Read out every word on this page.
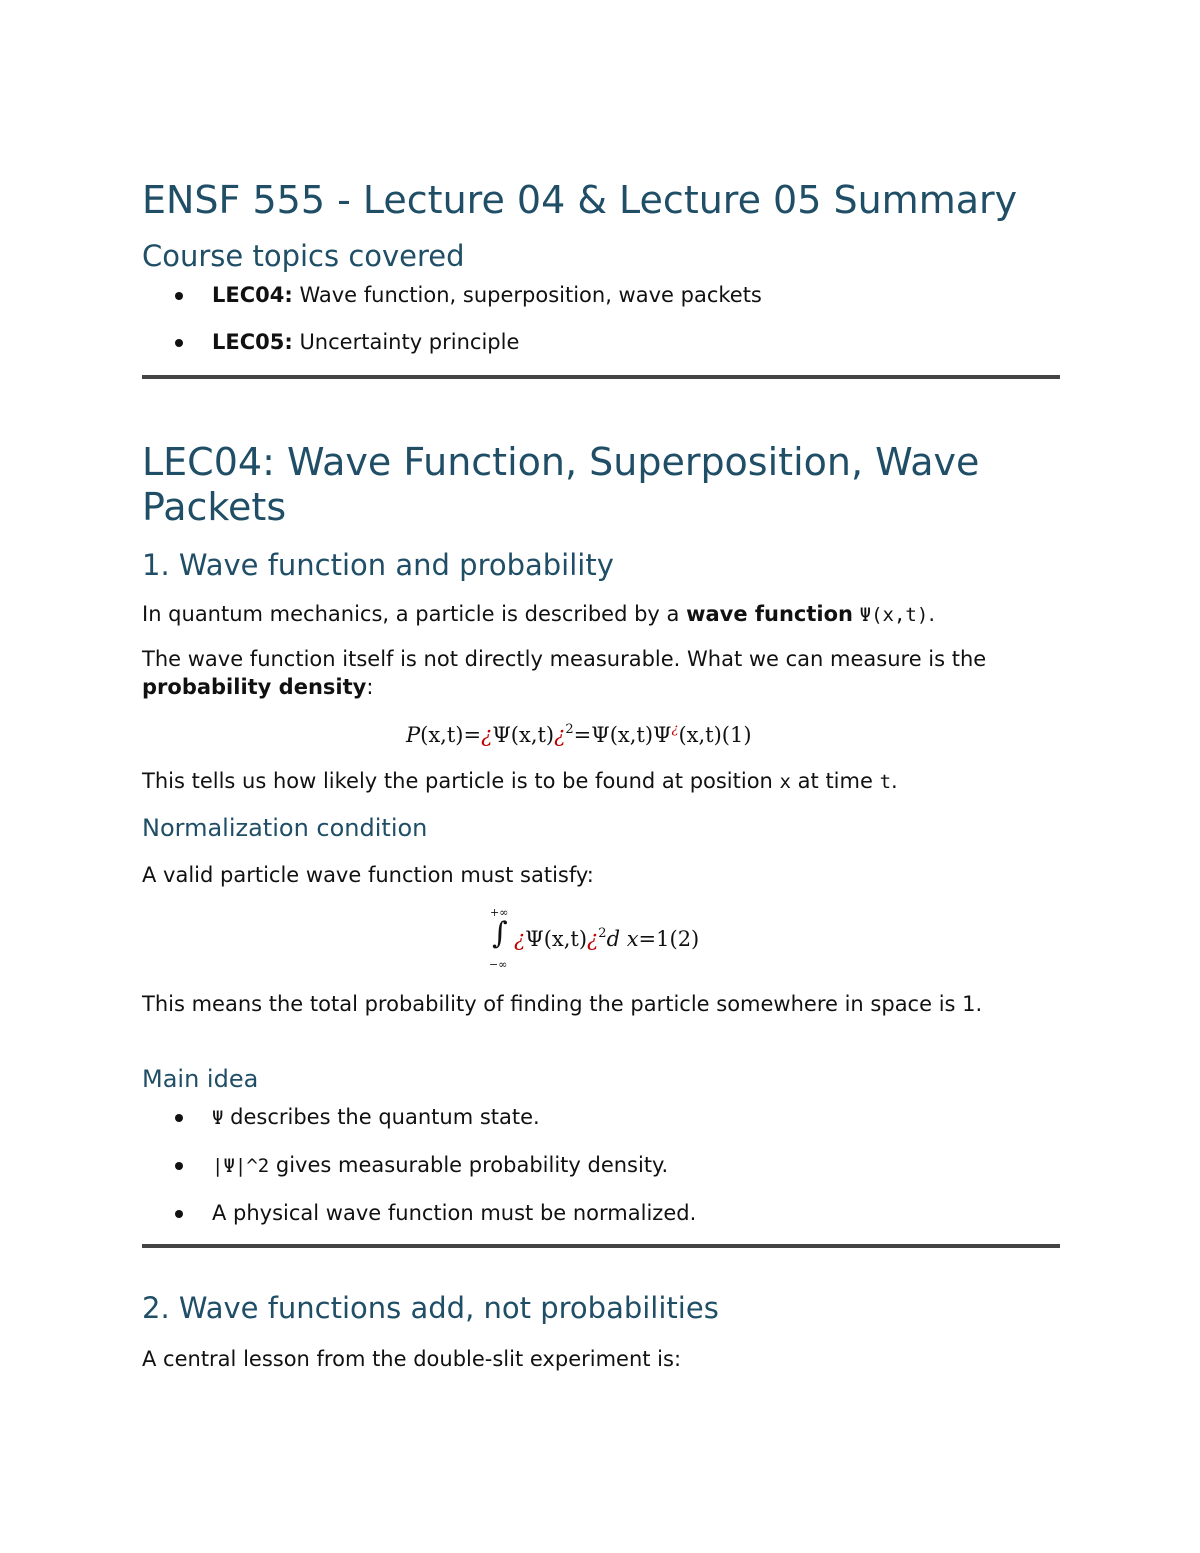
ENSF 555 - Lecture 04 & Lecture 05 Summary
Course topics covered
LEC04: Wave function, superposition, wave packets
LEC05: Uncertainty principle
LEC04: Wave Function, Superposition, Wave Packets
1. Wave function and probability

In quantum mechanics, a particle is described by a wave function Ψ(x,t).

The wave function itself is not directly measurable. What we can measure is the probability density:

P(x,t)=¿Ψ(x,t)¿$^2$=Ψ(x,t)Ψ¿(x,t)(1)

This tells us how likely the particle is to be found at position x at time t.

Normalization condition

A valid particle wave function must satisfy:

+∞
∫
−∞
¿Ψ(x,t)¿$^2$d x=1(2)

This means the total probability of finding the particle somewhere in space is 1.

Main idea
Ψ describes the quantum state.
|Ψ|^2 gives measurable probability density.
A physical wave function must be normalized.
2. Wave functions add, not probabilities

A central lesson from the double-slit experiment is:
